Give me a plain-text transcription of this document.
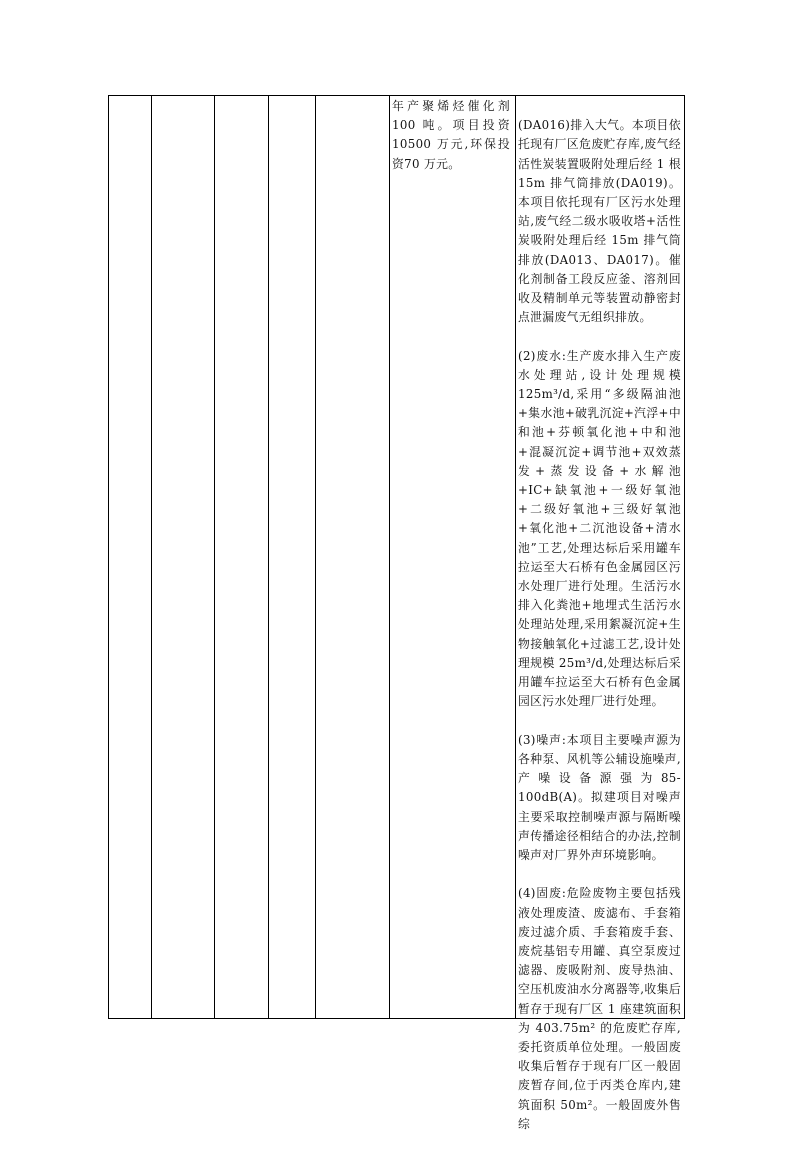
年产聚烯烃催化剂100 吨。项目投资10500 万元,环保投资70 万元。

(DA016)排入大气。本项目依托现有厂区危废贮存库,废气经活性炭装置吸附处理后经 1 根 15m 排气筒排放(DA019)。本项目依托现有厂区污水处理站,废气经二级水吸收塔+活性炭吸附处理后经 15m 排气筒排放(DA013、DA017)。催化剂制备工段反应釜、溶剂回收及精制单元等装置动静密封点泄漏废气无组织排放。

(2)废水:生产废水排入生产废水处理站,设计处理规模 125m³/d,采用“多级隔油池+集水池+破乳沉淀+汽浮+中和池+芬顿氧化池+中和池+混凝沉淀+调节池+双效蒸发+蒸发设备+水解池+IC+缺氧池+一级好氧池+二级好氧池+三级好氧池+氧化池+二沉池设备+清水池”工艺,处理达标后采用罐车拉运至大石桥有色金属园区污水处理厂进行处理。生活污水排入化粪池+地埋式生活污水处理站处理,采用絮凝沉淀+生物接触氧化+过滤工艺,设计处理规模 25m³/d,处理达标后采用罐车拉运至大石桥有色金属园区污水处理厂进行处理。

(3)噪声:本项目主要噪声源为各种泵、风机等公辅设施噪声,产噪设备源强为85-100dB(A)。拟建项目对噪声主要采取控制噪声源与隔断噪声传播途径相结合的办法,控制噪声对厂界外声环境影响。

(4)固废:危险废物主要包括残液处理废渣、废滤布、手套箱废过滤介质、手套箱废手套、废烷基铝专用罐、真空泵废过滤器、废吸附剂、废导热油、空压机废油水分离器等,收集后暂存于现有厂区 1 座建筑面积为 403.75m² 的危废贮存库,委托资质单位处理。一般固废收集后暂存于现有厂区一般固废暂存间,位于丙类仓库内,建筑面积 50m²。一般固废外售综
